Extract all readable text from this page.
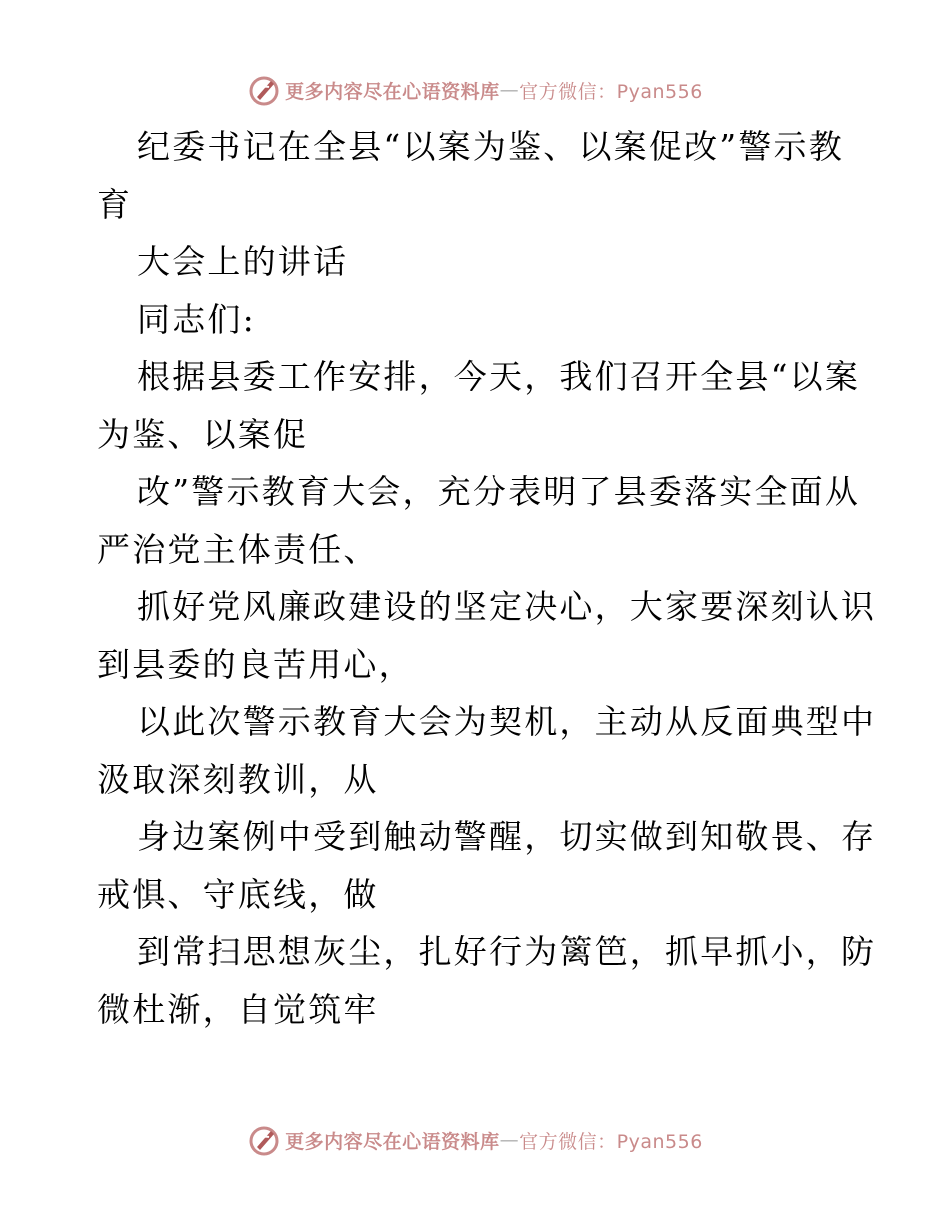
更多内容尽在心语资料库 — 官方微信：Pyan556
纪委书记在全县“以案为鉴、以案促改”警示教
育
大会上的讲话
同志们:
根据县委工作安排，今天，我们召开全县“以案
为鉴、以案促
改”警示教育大会，充分表明了县委落实全面从
严治党主体责任、
抓好党风廉政建设的坚定决心，大家要深刻认识
到县委的良苦用心，
以此次警示教育大会为契机，主动从反面典型中
汲取深刻教训，从
身边案例中受到触动警醒，切实做到知敬畏、存
戒惧、守底线，做
到常扫思想灰尘，扎好行为篱笆，抓早抓小，防
微杜渐，自觉筑牢
更多内容尽在心语资料库 — 官方微信：Pyan556
